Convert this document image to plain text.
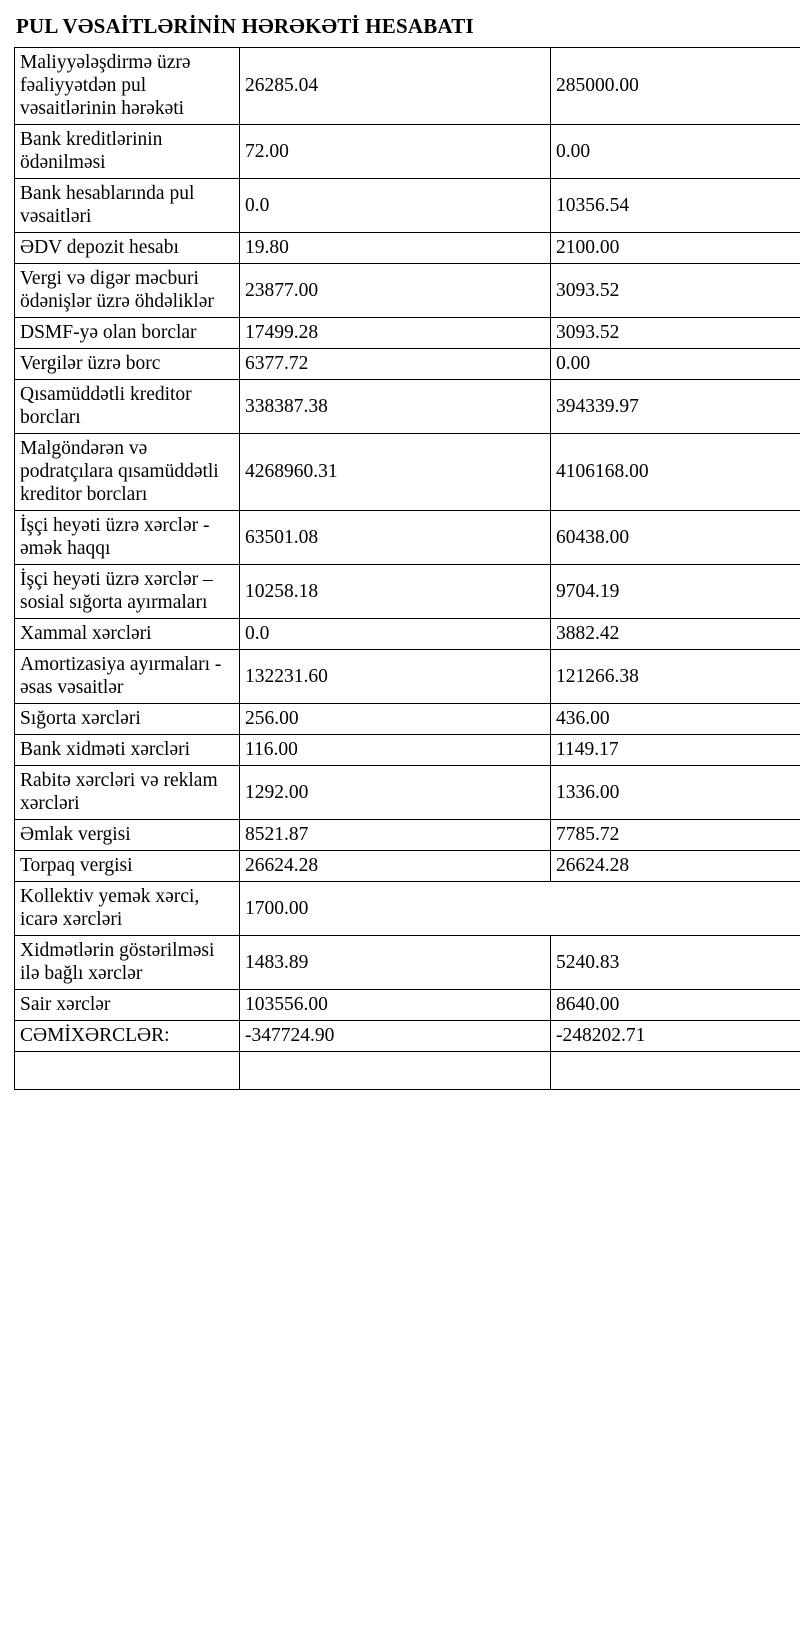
PUL VƏSAİTLƏRİNİN HƏRƏKƏTİ HESABATI
Maliyyələşdirmə üzrə fəaliyyətdən pul vəsaitlərinin hərəkəti	26285.04	285000.00
Bank kreditlərinin ödənilməsi	72.00	0.00
Bank hesablarında pul vəsaitləri	0.0	10356.54
ƏDV depozit hesabı	19.80	2100.00
Vergi və digər məcburi ödənişlər üzrə öhdəliklər	23877.00	3093.52
DSMF-yə olan borclar	17499.28	3093.52
Vergilər üzrə borc	6377.72	0.00
Qısamüddətli kreditor borcları	338387.38	394339.97
Malgöndərən və podratçılara qısamüddətli kreditor borcları	4268960.31	4106168.00
İşçi heyəti üzrə xərclər - əmək haqqı	63501.08	60438.00
İşçi heyəti üzrə xərclər – sosial sığorta ayırmaları	10258.18	9704.19
Xammal xərcləri	0.0	3882.42
Amortizasiya ayırmaları - əsas vəsaitlər	132231.60	121266.38
Sığorta xərcləri	256.00	436.00
Bank xidməti xərcləri	116.00	1149.17
Rabitə xərcləri və reklam xərcləri	1292.00	1336.00
Əmlak vergisi	8521.87	7785.72
Torpaq vergisi	26624.28	26624.28
Kollektiv yemək xərci, icarə xərcləri	1700.00	
Xidmətlərin göstərilməsi ilə bağlı xərclər	1483.89	5240.83
Sair xərclər	103556.00	8640.00
CƏMİXƏRCLƏR:	-347724.90	-248202.71
